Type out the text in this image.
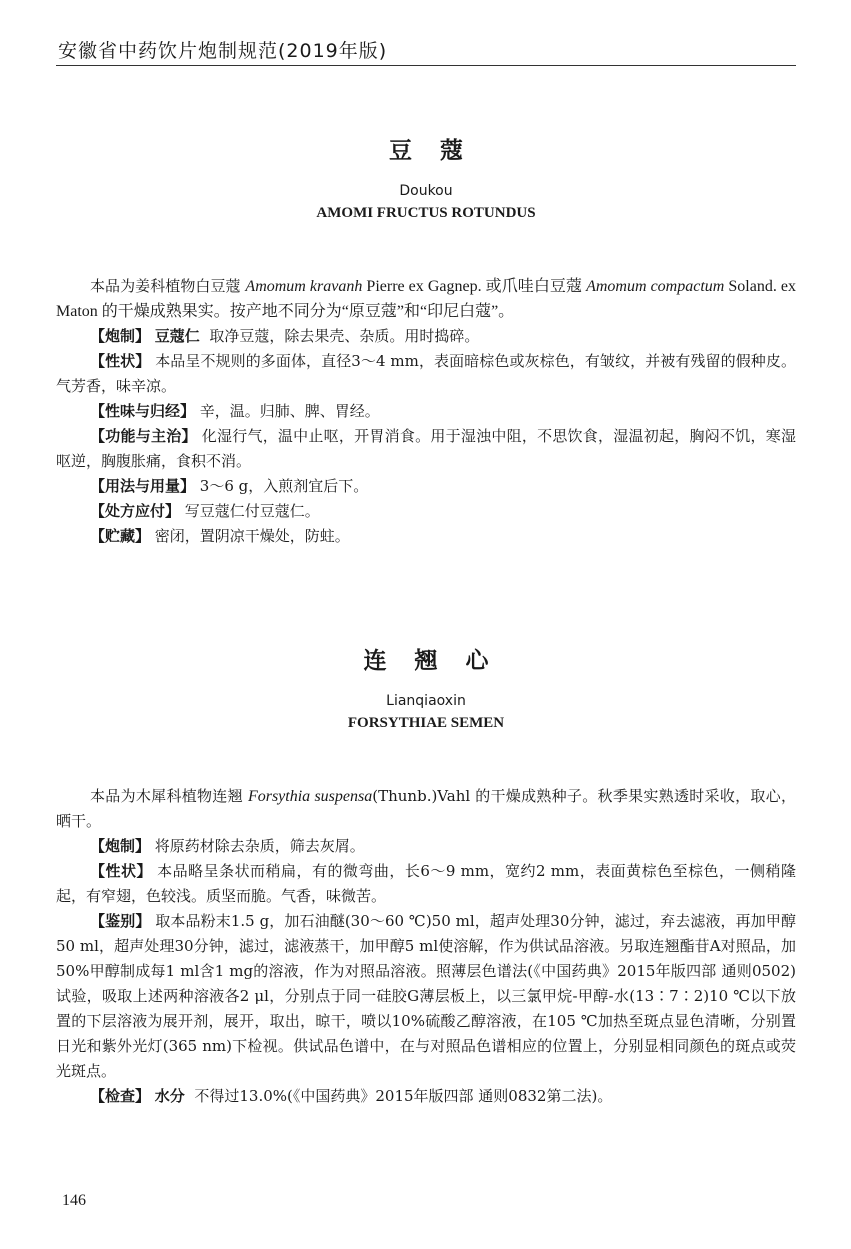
安徽省中药饮片炮制规范(2019年版)
豆蔻
Doukou
AMOMI FRUCTUS ROTUNDUS

本品为姜科植物白豆蔻 Amomum kravanh Pierre ex Gagnep. 或爪哇白豆蔻 Amomum compactum Soland. ex Maton 的干燥成熟果实。按产地不同分为“原豆蔻”和“印尼白蔻”。

【炮制】 豆蔻仁 取净豆蔻，除去果壳、杂质。用时捣碎。

【性状】 本品呈不规则的多面体，直径3～4 mm，表面暗棕色或灰棕色，有皱纹，并被有残留的假种皮。气芳香，味辛凉。

【性味与归经】 辛，温。归肺、脾、胃经。

【功能与主治】 化湿行气，温中止呕，开胃消食。用于湿浊中阻，不思饮食，湿温初起，胸闷不饥，寒湿呕逆，胸腹胀痛，食积不消。

【用法与用量】 3～6 g，入煎剂宜后下。

【处方应付】 写豆蔻仁付豆蔻仁。

【贮藏】 密闭，置阴凉干燥处，防蛀。

连翘心
Lianqiaoxin
FORSYTHIAE SEMEN

本品为木犀科植物连翘 Forsythia suspensa(Thunb.)Vahl 的干燥成熟种子。秋季果实熟透时采收，取心，晒干。

【炮制】 将原药材除去杂质，筛去灰屑。

【性状】 本品略呈条状而稍扁，有的微弯曲，长6～9 mm，宽约2 mm，表面黄棕色至棕色，一侧稍隆起，有窄翅，色较浅。质坚而脆。气香，味微苦。

【鉴别】 取本品粉末1.5 g，加石油醚(30～60 ℃)50 ml，超声处理30分钟，滤过，弃去滤液，再加甲醇50 ml，超声处理30分钟，滤过，滤液蒸干，加甲醇5 ml使溶解，作为供试品溶液。另取连翘酯苷A对照品，加50%甲醇制成每1 ml含1 mg的溶液，作为对照品溶液。照薄层色谱法(《中国药典》2015年版四部 通则0502)试验，吸取上述两种溶液各2 μl，分别点于同一硅胶G薄层板上，以三氯甲烷-甲醇-水(13∶7∶2)10 ℃以下放置的下层溶液为展开剂，展开，取出，晾干，喷以10%硫酸乙醇溶液，在105 ℃加热至斑点显色清晰，分别置日光和紫外光灯(365 nm)下检视。供试品色谱中，在与对照品色谱相应的位置上，分别显相同颜色的斑点或荧光斑点。

【检查】 水分 不得过13.0%(《中国药典》2015年版四部 通则0832第二法)。

146
